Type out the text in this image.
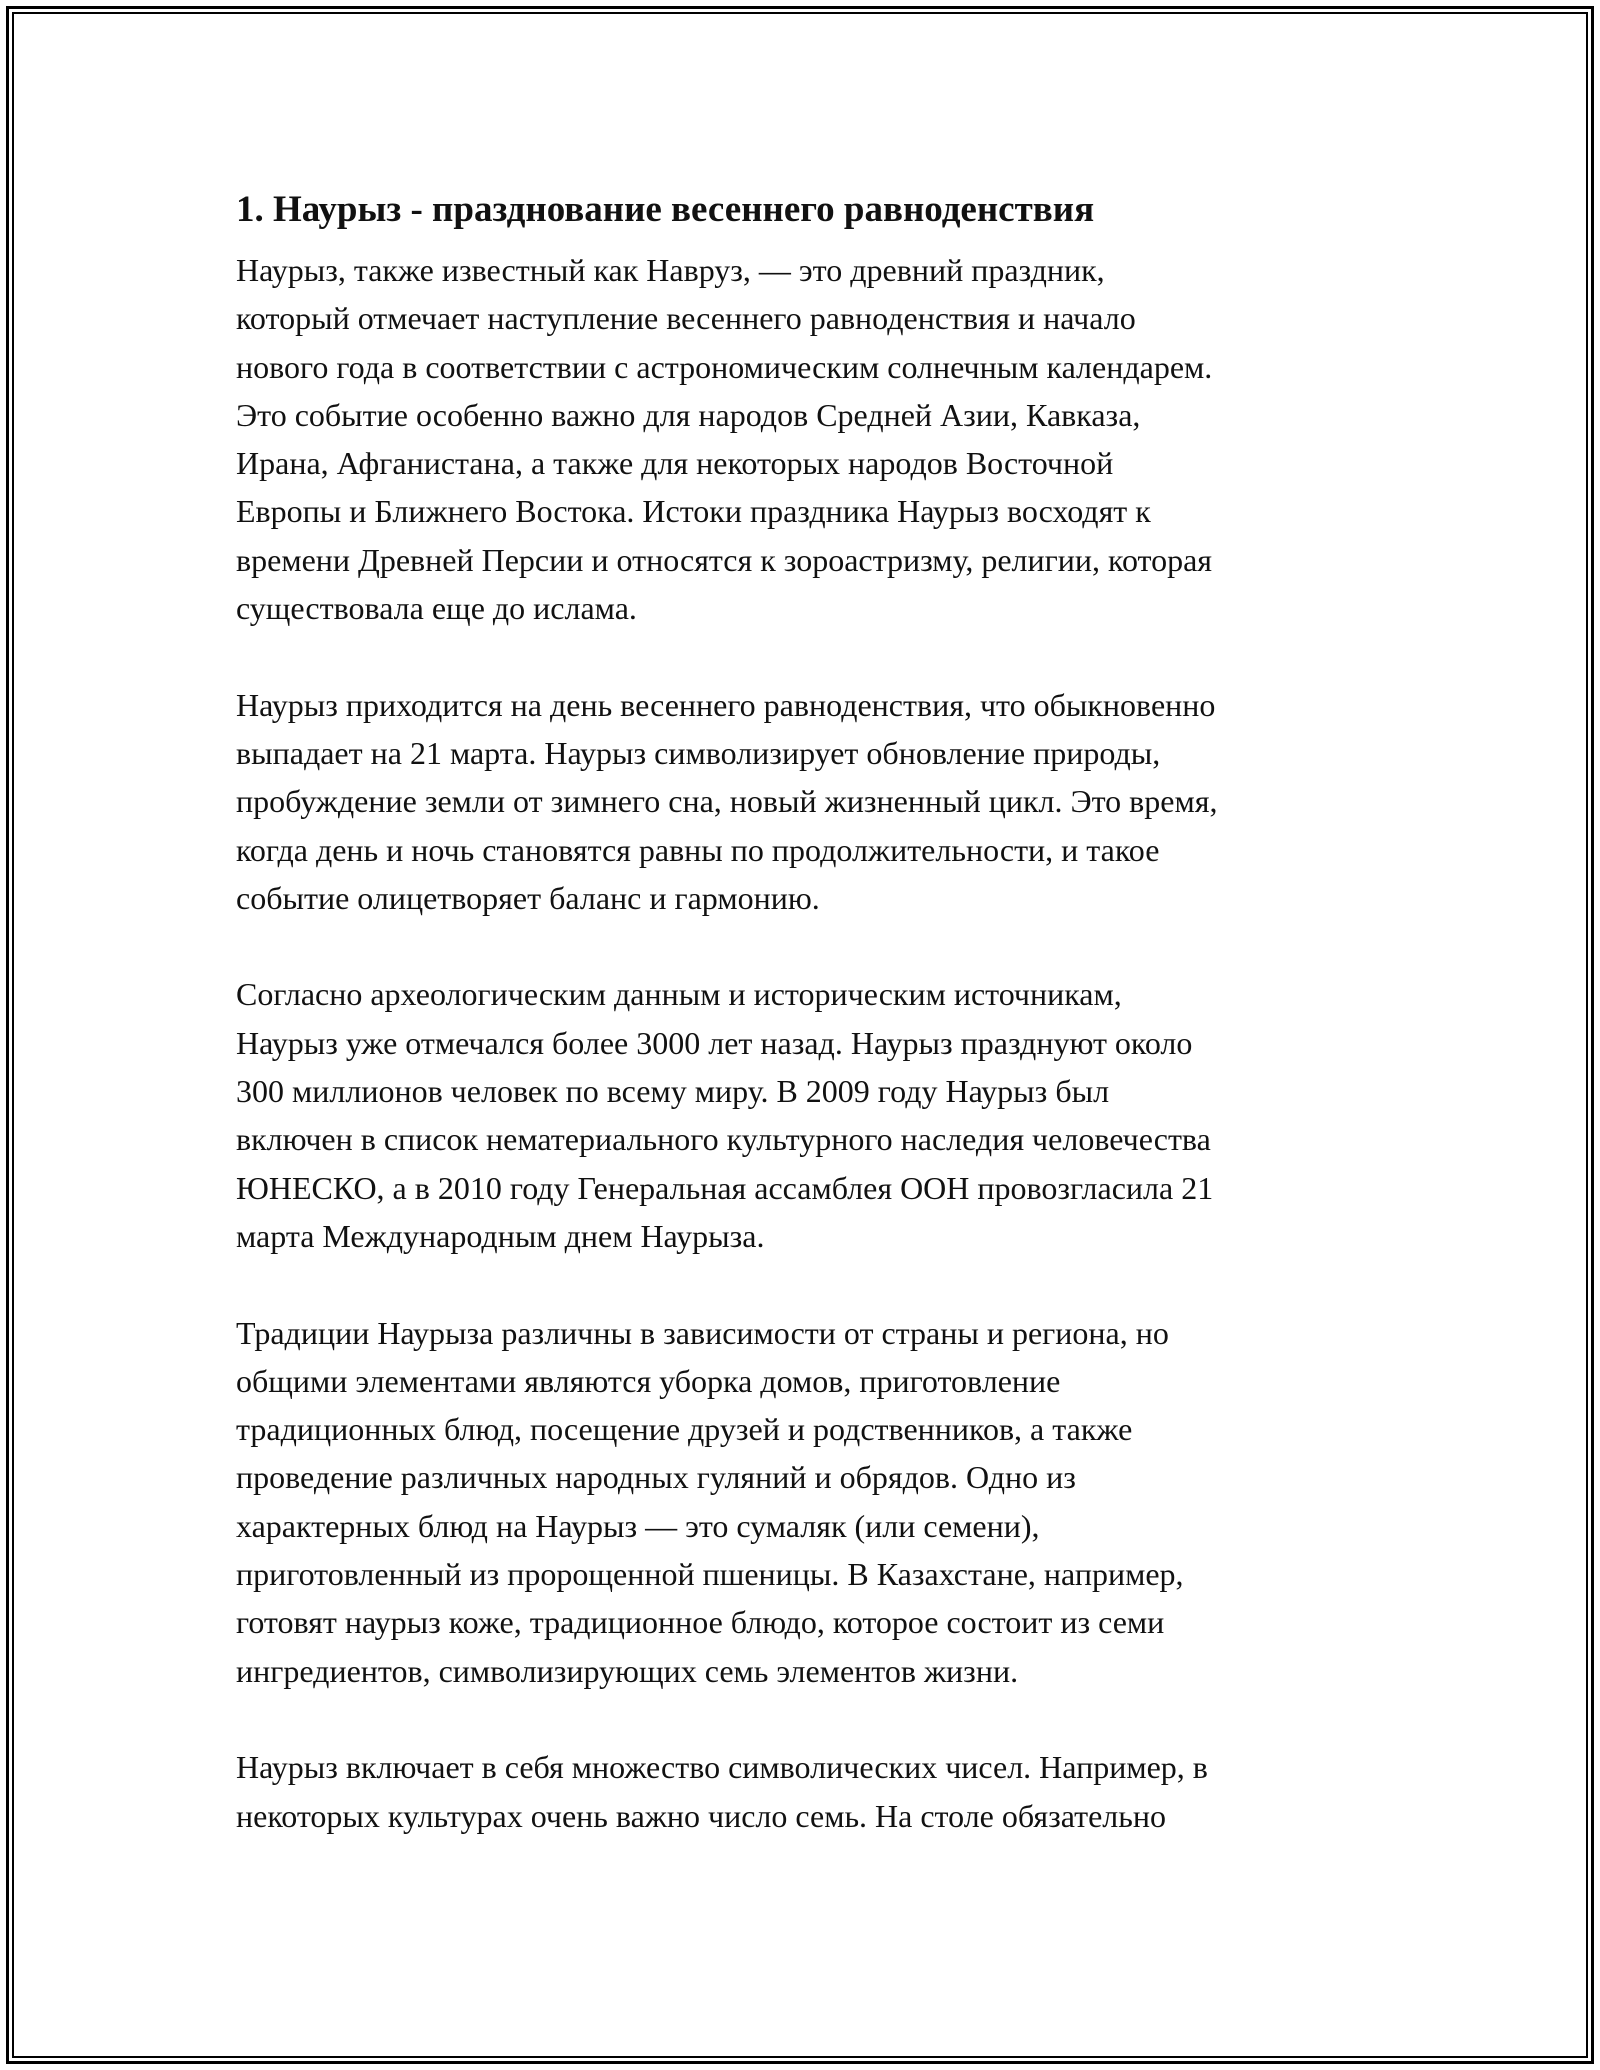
1. Наурыз - празднование весеннего равноденствия
Наурыз, также известный как Навруз, — это древний праздник,
который отмечает наступление весеннего равноденствия и начало
нового года в соответствии с астрономическим солнечным календарем.
Это событие особенно важно для народов Средней Азии, Кавказа,
Ирана, Афганистана, а также для некоторых народов Восточной
Европы и Ближнего Востока. Истоки праздника Наурыз восходят к
времени Древней Персии и относятся к зороастризму, религии, которая
существовала еще до ислама.
Наурыз приходится на день весеннего равноденствия, что обыкновенно
выпадает на 21 марта. Наурыз символизирует обновление природы,
пробуждение земли от зимнего сна, новый жизненный цикл. Это время,
когда день и ночь становятся равны по продолжительности, и такое
событие олицетворяет баланс и гармонию.
Согласно археологическим данным и историческим источникам,
Наурыз уже отмечался более 3000 лет назад. Наурыз празднуют около
300 миллионов человек по всему миру. В 2009 году Наурыз был
включен в список нематериального культурного наследия человечества
ЮНЕСКО, а в 2010 году Генеральная ассамблея ООН провозгласила 21
марта Международным днем Наурыза.
Традиции Наурыза различны в зависимости от страны и региона, но
общими элементами являются уборка домов, приготовление
традиционных блюд, посещение друзей и родственников, а также
проведение различных народных гуляний и обрядов. Одно из
характерных блюд на Наурыз — это сумаляк (или семени),
приготовленный из пророщенной пшеницы. В Казахстане, например,
готовят наурыз коже, традиционное блюдо, которое состоит из семи
ингредиентов, символизирующих семь элементов жизни.
Наурыз включает в себя множество символических чисел. Например, в
некоторых культурах очень важно число семь. На столе обязательно
